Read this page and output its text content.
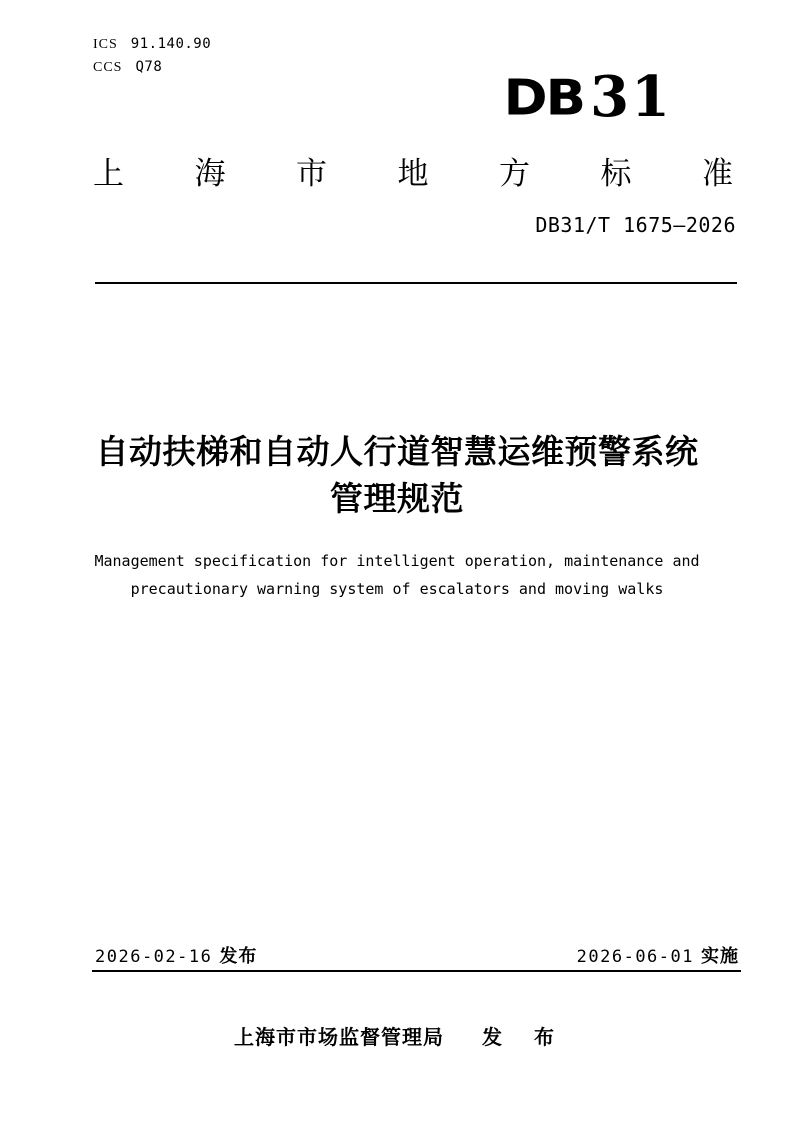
ICS 91.140.90
CCS Q78
DB 31
上 海 市 地 方 标 准
DB31/T 1675—2026
自动扶梯和自动人行道智慧运维预警系统
管理规范
Management specification for intelligent operation, maintenance and
precautionary warning system of escalators and moving walks
2026-02-16 发布	2026-06-01 实施
上海市市场监督管理局 发　布
